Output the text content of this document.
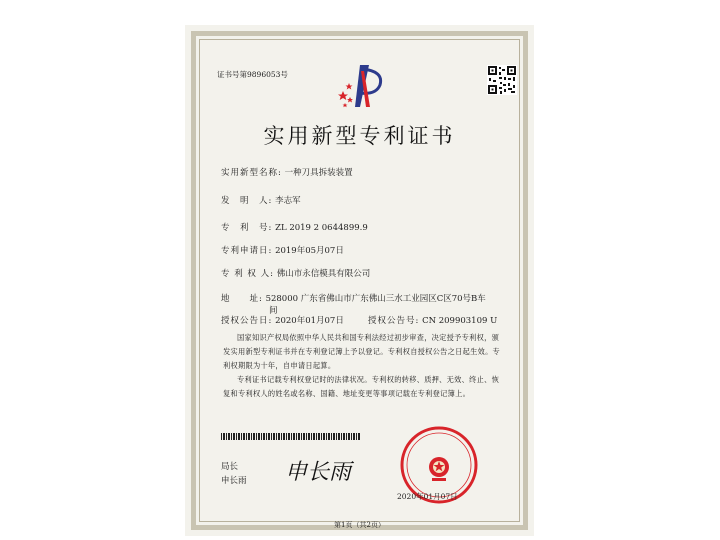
证书号第9896053号
实用新型专利证书
实用新型名称: 一种刀具拆装装置
发　明　人: 李志军
专　利　号: ZL 2019 2 0644899.9
专利申请日: 2019年05月07日
专 利 权 人: 佛山市永信模具有限公司
地　　址: 528000 广东省佛山市广东佛山三水工业园区C区70号B车
间
授权公告日: 2020年01月07日	授权公告号: CN 209903109 U
国家知识产权局依照中华人民共和国专利法经过初步审查，决定授予专利权，颁发实用新型专利证书并在专利登记簿上予以登记。专利权自授权公告之日起生效。专利权期限为十年，自申请日起算。
专利证书记载专利权登记时的法律状况。专利权的转移、质押、无效、终止、恢复和专利权人的姓名或名称、国籍、地址变更等事项记载在专利登记簿上。
局长
申长雨 申长雨
2020年01月07日
第1页（共2页）
